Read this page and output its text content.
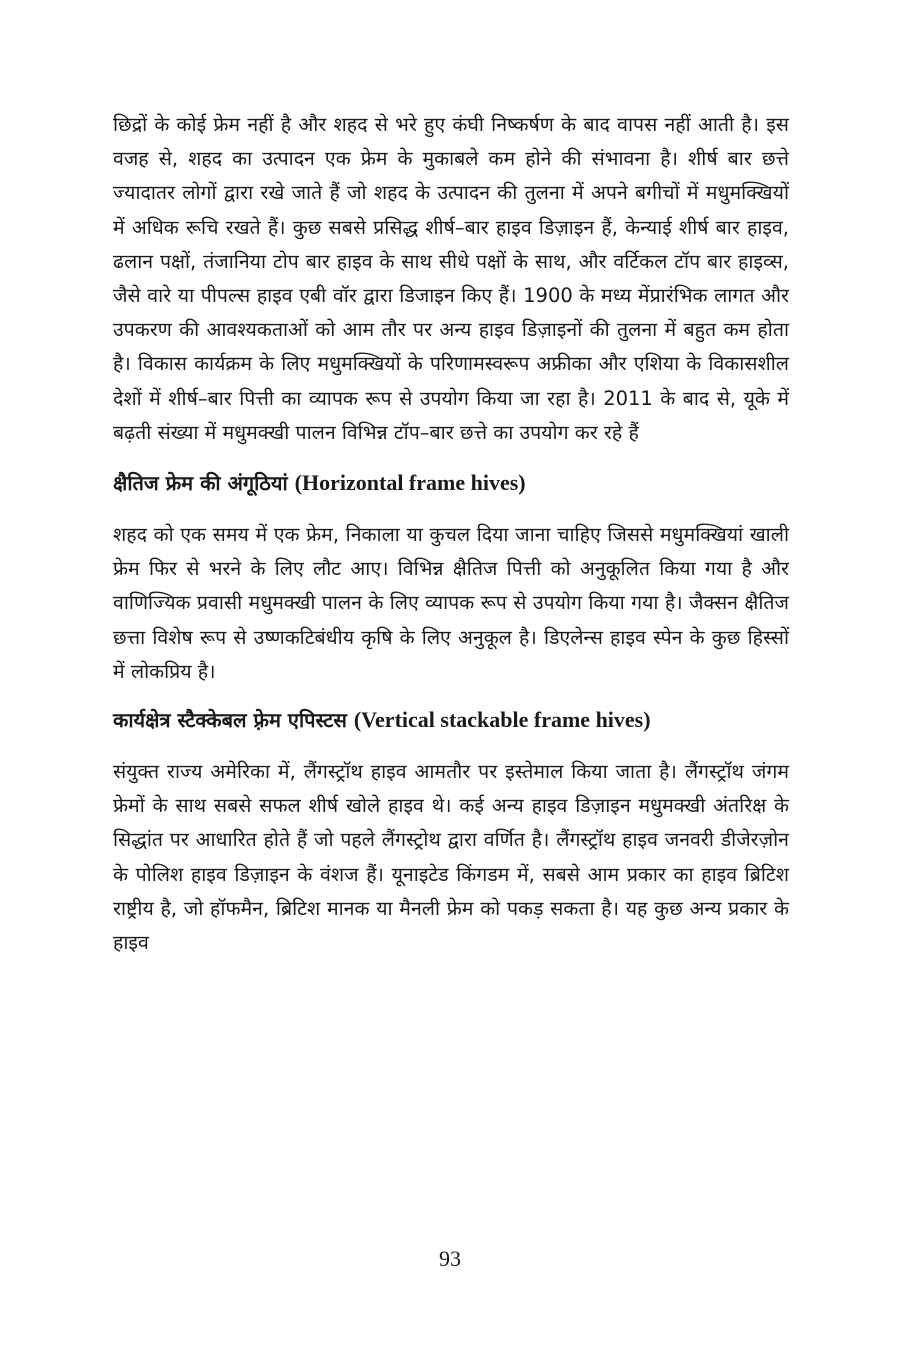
छिद्रों के कोई फ्रेम नहीं है और शहद से भरे हुए कंघी निष्कर्षण के बाद वापस नहीं आती है। इस वजह से, शहद का उत्पादन एक फ्रेम के मुकाबले कम होने की संभावना है। शीर्ष बार छत्ते ज्यादातर लोगों द्वारा रखे जाते हैं जो शहद के उत्पादन की तुलना में अपने बगीचों में मधुमक्खियों में अधिक रूचि रखते हैं। कुछ सबसे प्रसिद्ध शीर्ष–बार हाइव डिज़ाइन हैं, केन्याई शीर्ष बार हाइव, ढलान पक्षों, तंजानिया टोप बार हाइव के साथ सीधे पक्षों के साथ, और वर्टिकल टॉप बार हाइव्स, जैसे वारे या पीपल्स हाइव एबी वॉर द्वारा डिजाइन किए हैं। 1900 के मध्य मेंप्रारंभिक लागत और उपकरण की आवश्यकताओं को आम तौर पर अन्य हाइव डिज़ाइनों की तुलना में बहुत कम होता है। विकास कार्यक्रम के लिए मधुमक्खियों के परिणामस्वरूप अफ्रीका और एशिया के विकासशील देशों में शीर्ष–बार पित्ती का व्यापक रूप से उपयोग किया जा रहा है। 2011 के बाद से, यूके में बढ़ती संख्या में मधुमक्खी पालन विभिन्न टॉप–बार छत्ते का उपयोग कर रहे हैं

क्षैतिज फ्रेम की अंगूठियां (Horizontal frame hives)

शहद को एक समय में एक फ्रेम, निकाला या कुचल दिया जाना चाहिए जिससे मधुमक्खियां खाली फ्रेम फिर से भरने के लिए लौट आए। विभिन्न क्षैतिज पित्ती को अनुकूलित किया गया है और वाणिज्यिक प्रवासी मधुमक्खी पालन के लिए व्यापक रूप से उपयोग किया गया है। जैक्सन क्षैतिज छत्ता विशेष रूप से उष्णकटिबंधीय कृषि के लिए अनुकूल है। डिएलेन्स हाइव स्पेन के कुछ हिस्सों में लोकप्रिय है।

कार्यक्षेत्र स्टैक्केबल फ़्रेम एपिस्टस (Vertical stackable frame hives)

संयुक्त राज्य अमेरिका में, लैंगस्ट्रॉथ हाइव आमतौर पर इस्तेमाल किया जाता है। लैंगस्ट्रॉथ जंगम फ्रेमों के साथ सबसे सफल शीर्ष खोले हाइव थे। कई अन्य हाइव डिज़ाइन मधुमक्खी अंतरिक्ष के सिद्धांत पर आधारित होते हैं जो पहले लैंगस्ट्रोथ द्वारा वर्णित है। लैंगस्ट्रॉथ हाइव जनवरी डीजेरज़ोन के पोलिश हाइव डिज़ाइन के वंशज हैं। यूनाइटेड किंगडम में, सबसे आम प्रकार का हाइव ब्रिटिश राष्ट्रीय है, जो हॉफमैन, ब्रिटिश मानक या मैनली फ्रेम को पकड़ सकता है। यह कुछ अन्य प्रकार के हाइव

93
